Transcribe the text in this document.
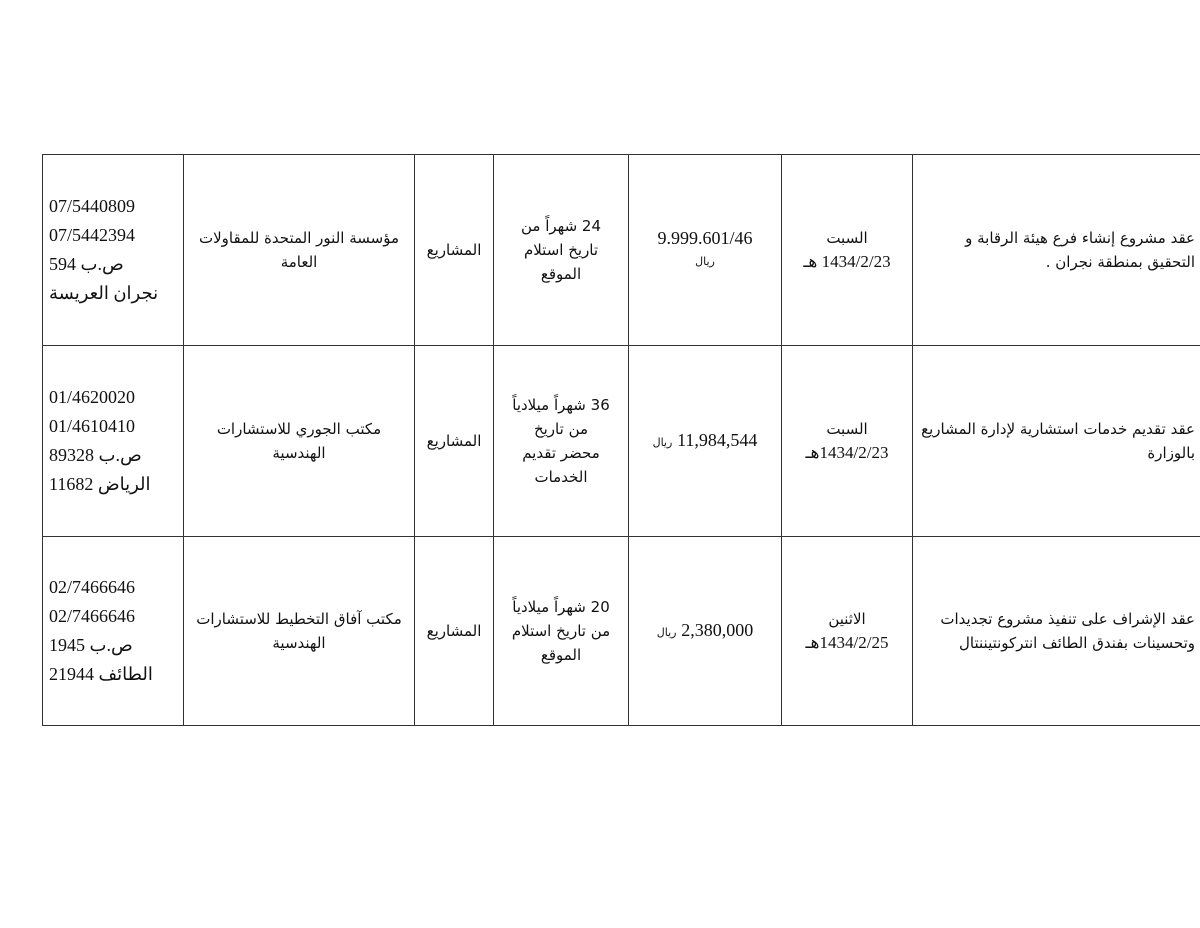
	عقد مشروع إنشاء فرع هيئة الرقابة و التحقيق بمنطقة نجران .	السبت
1434/2/23 هـ	9.999.601/46
ريال	24 شهراً من
تاريخ استلام
الموقع	المشاريع	مؤسسة النور المتحدة للمقاولات
العامة	07/5440809
07/5442394
ص.ب 594
نجران العريسة

	عقد تقديم خدمات استشارية لإدارة المشاريع بالوزارة	السبت
1434/2/23هـ	11,984,544 ريال	36 شهراً ميلادياً
من تاريخ
محضر تقديم
الخدمات	المشاريع	مكتب الجوري للاستشارات
الهندسية	01/4620020
01/4610410
ص.ب 89328
الرياض 11682

	عقد الإشراف على تنفيذ مشروع تجديدات وتحسينات بفندق الطائف انتركونتيننتال	الاثنين
1434/2/25هـ	2,380,000 ريال	20 شهراً ميلادياً
من تاريخ استلام
الموقع	المشاريع	مكتب آفاق التخطيط للاستشارات
الهندسية	02/7466646
02/7466646
ص.ب 1945
الطائف 21944
